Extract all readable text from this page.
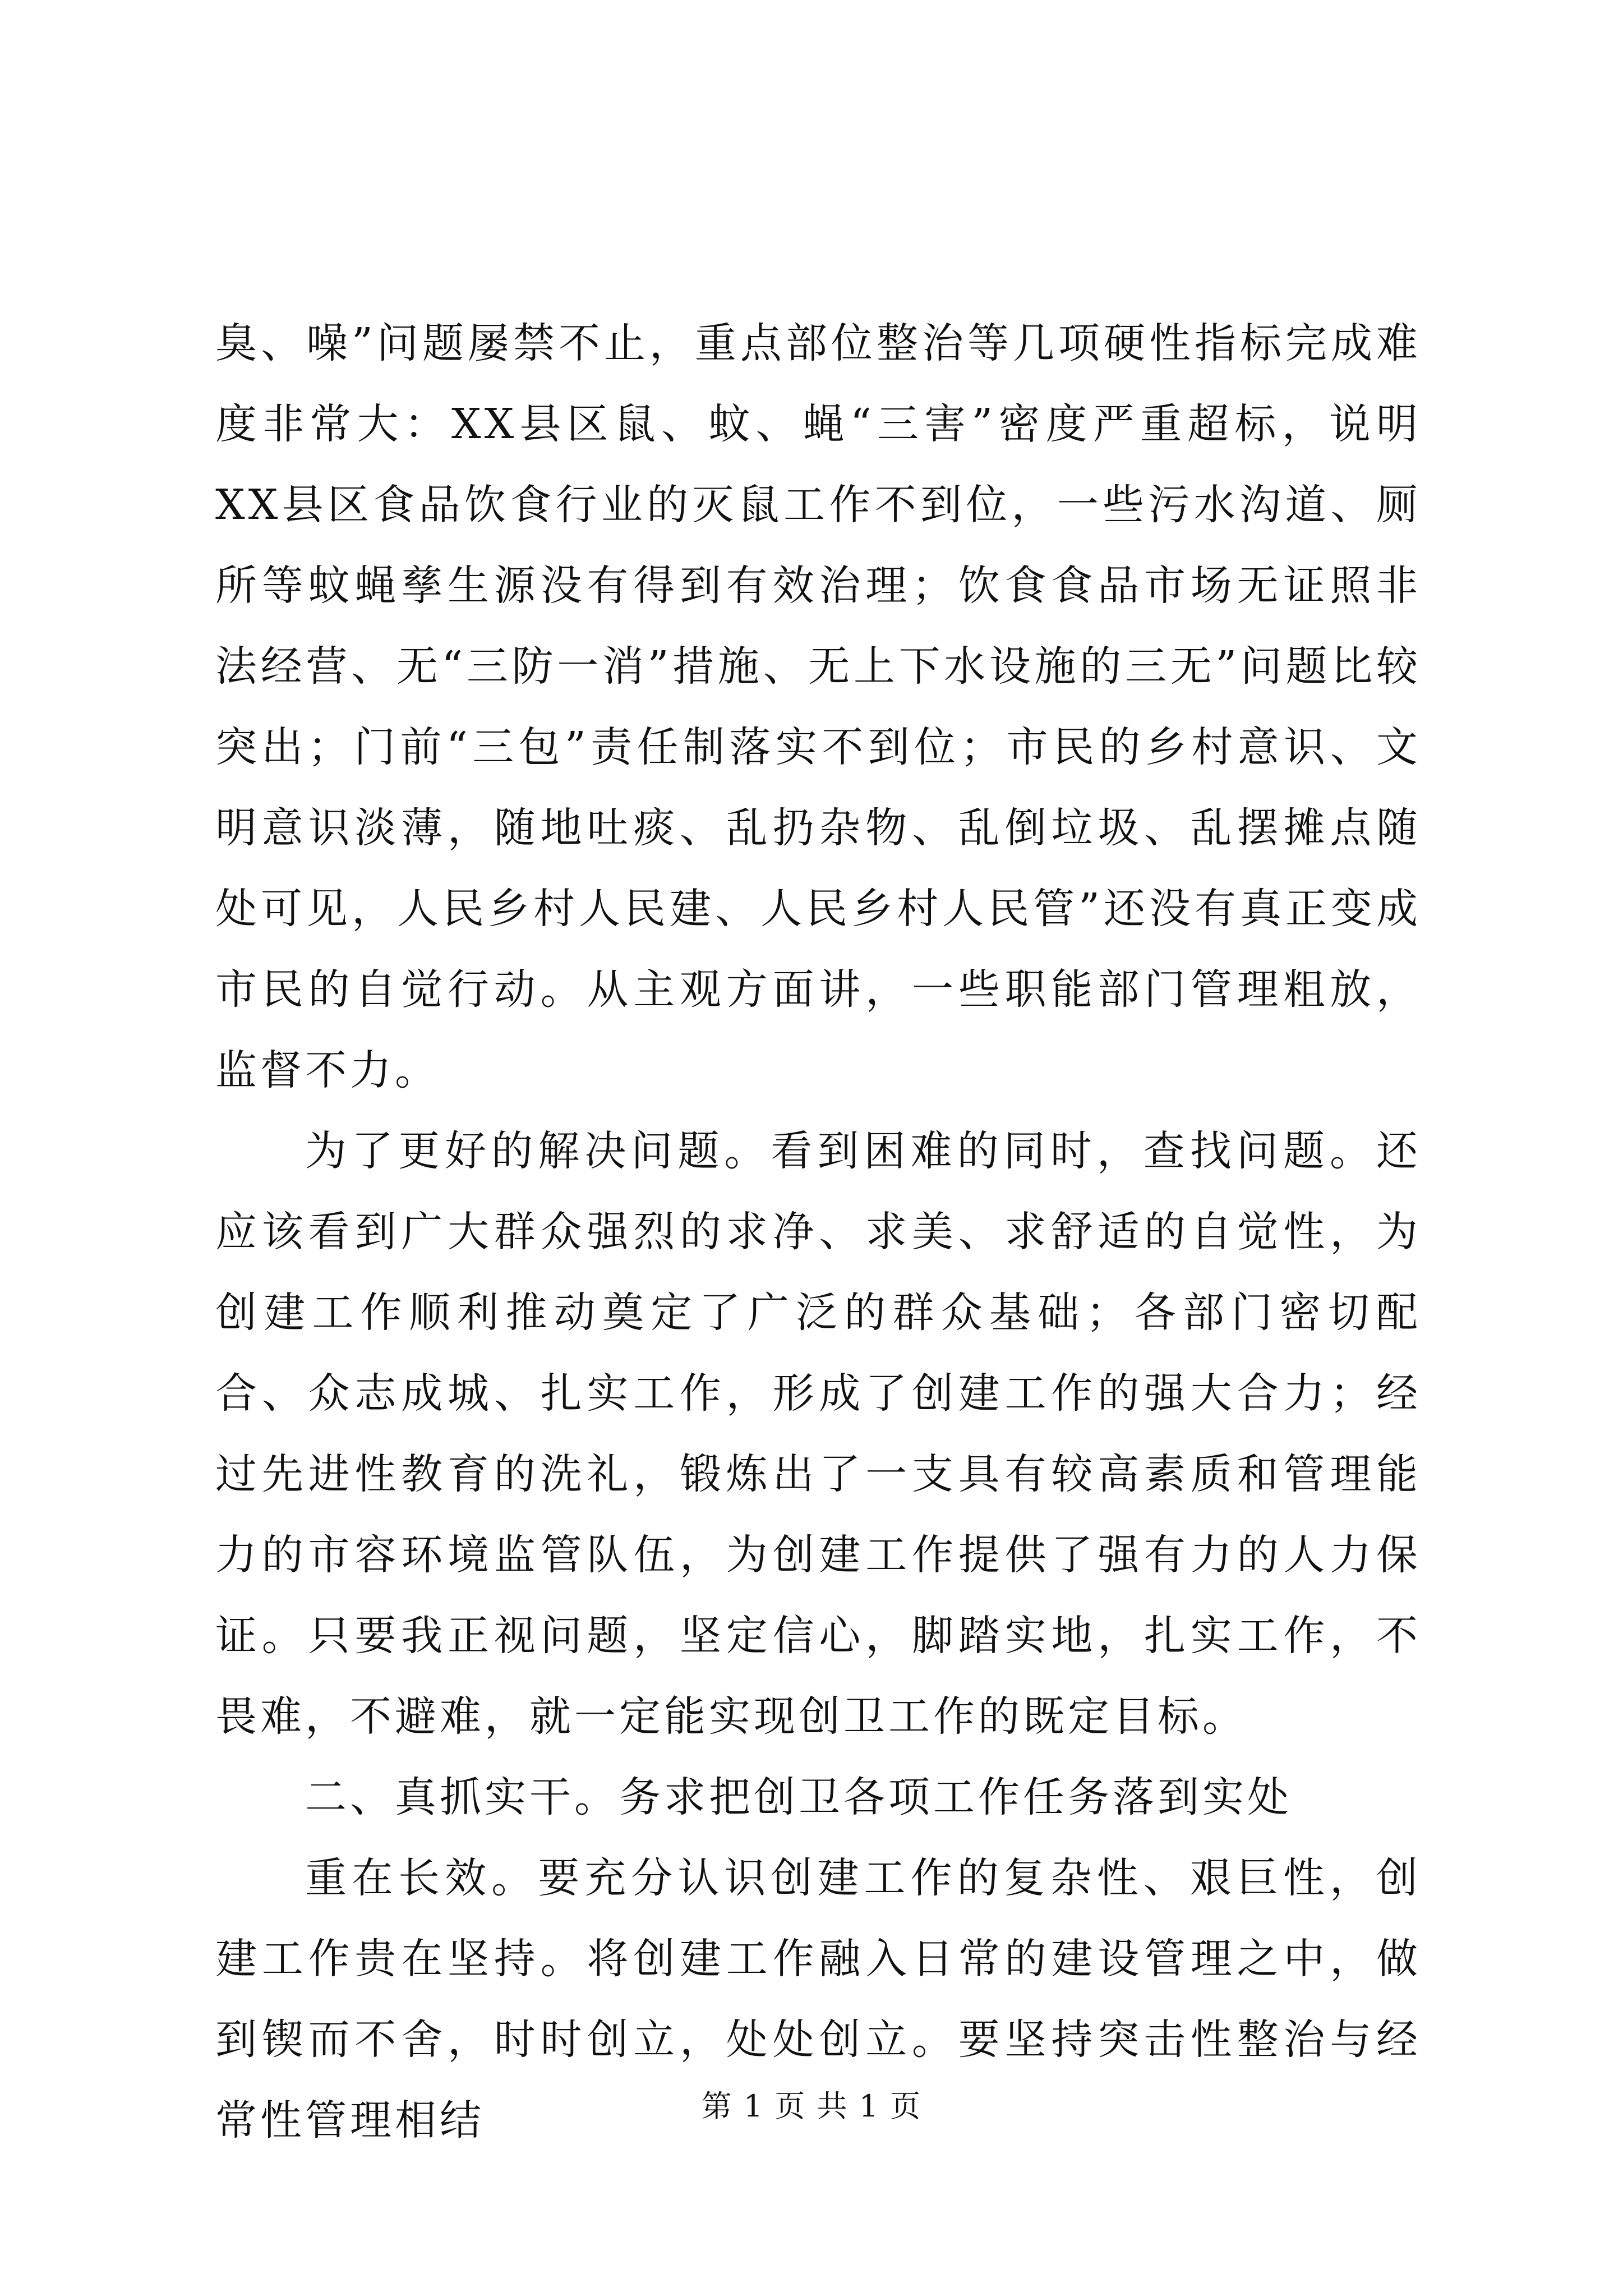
臭、噪”问题屡禁不止，重点部位整治等几项硬性指标完成难度非常大：XX县区鼠、蚊、蝇“三害”密度严重超标，说明XX县区食品饮食行业的灭鼠工作不到位，一些污水沟道、厕所等蚊蝇孳生源没有得到有效治理；饮食食品市场无证照非法经营、无“三防一消”措施、无上下水设施的三无”问题比较突出；门前“三包”责任制落实不到位；市民的乡村意识、文明意识淡薄，随地吐痰、乱扔杂物、乱倒垃圾、乱摆摊点随处可见，人民乡村人民建、人民乡村人民管”还没有真正变成市民的自觉行动。从主观方面讲，一些职能部门管理粗放，监督不力。

为了更好的解决问题。看到困难的同时，查找问题。还应该看到广大群众强烈的求净、求美、求舒适的自觉性，为创建工作顺利推动奠定了广泛的群众基础；各部门密切配合、众志成城、扎实工作，形成了创建工作的强大合力；经过先进性教育的洗礼，锻炼出了一支具有较高素质和管理能力的市容环境监管队伍，为创建工作提供了强有力的人力保证。只要我正视问题，坚定信心，脚踏实地，扎实工作，不畏难，不避难，就一定能实现创卫工作的既定目标。

二、真抓实干。务求把创卫各项工作任务落到实处

重在长效。要充分认识创建工作的复杂性、艰巨性，创建工作贵在坚持。将创建工作融入日常的建设管理之中，做到锲而不舍，时时创立，处处创立。要坚持突击性整治与经常性管理相结	第 1 页 共 1 页
